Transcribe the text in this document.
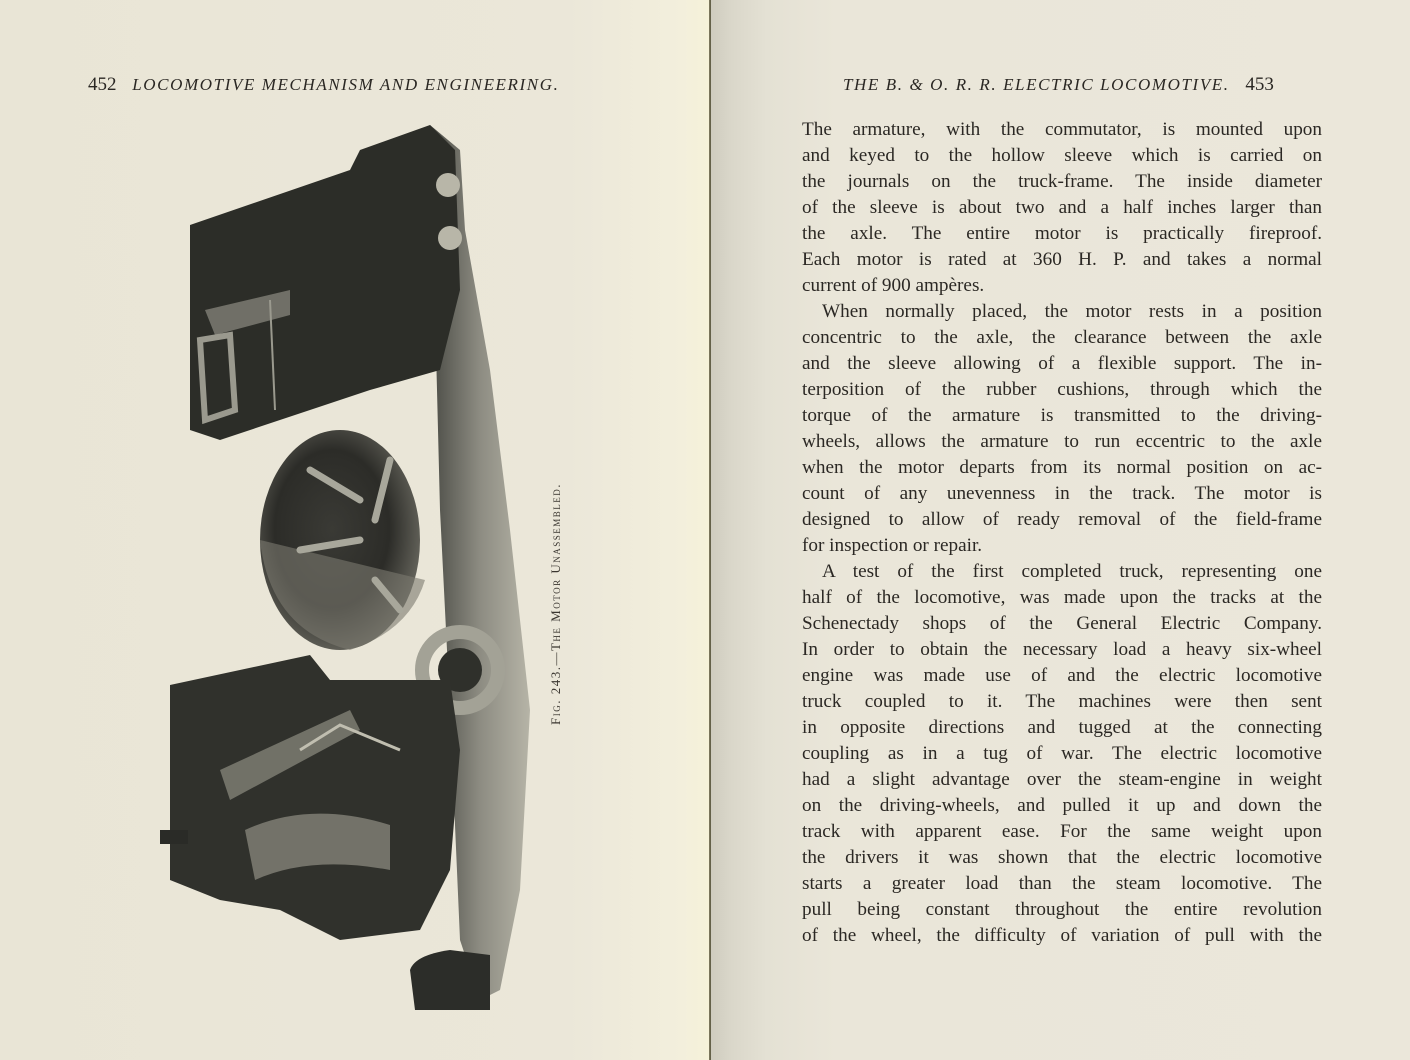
452 LOCOMOTIVE MECHANISM AND ENGINEERING.
Fig. 243.—The Motor Unassembled.
THE B. & O. R. R. ELECTRIC LOCOMOTIVE. 453
The armature, with the commutator, is mounted upon
and keyed to the hollow sleeve which is carried on
the journals on the truck-frame. The inside diameter
of the sleeve is about two and a half inches larger than
the axle. The entire motor is practically fireproof.
Each motor is rated at 360 H. P. and takes a normal
current of 900 ampères.
When normally placed, the motor rests in a position
concentric to the axle, the clearance between the axle
and the sleeve allowing of a flexible support. The in-
terposition of the rubber cushions, through which the
torque of the armature is transmitted to the driving-
wheels, allows the armature to run eccentric to the axle
when the motor departs from its normal position on ac-
count of any unevenness in the track. The motor is
designed to allow of ready removal of the field-frame
for inspection or repair.
A test of the first completed truck, representing one
half of the locomotive, was made upon the tracks at the
Schenectady shops of the General Electric Company.
In order to obtain the necessary load a heavy six-wheel
engine was made use of and the electric locomotive
truck coupled to it. The machines were then sent
in opposite directions and tugged at the connecting
coupling as in a tug of war. The electric locomotive
had a slight advantage over the steam-engine in weight
on the driving-wheels, and pulled it up and down the
track with apparent ease. For the same weight upon
the drivers it was shown that the electric locomotive
starts a greater load than the steam locomotive. The
pull being constant throughout the entire revolution
of the wheel, the difficulty of variation of pull with the
